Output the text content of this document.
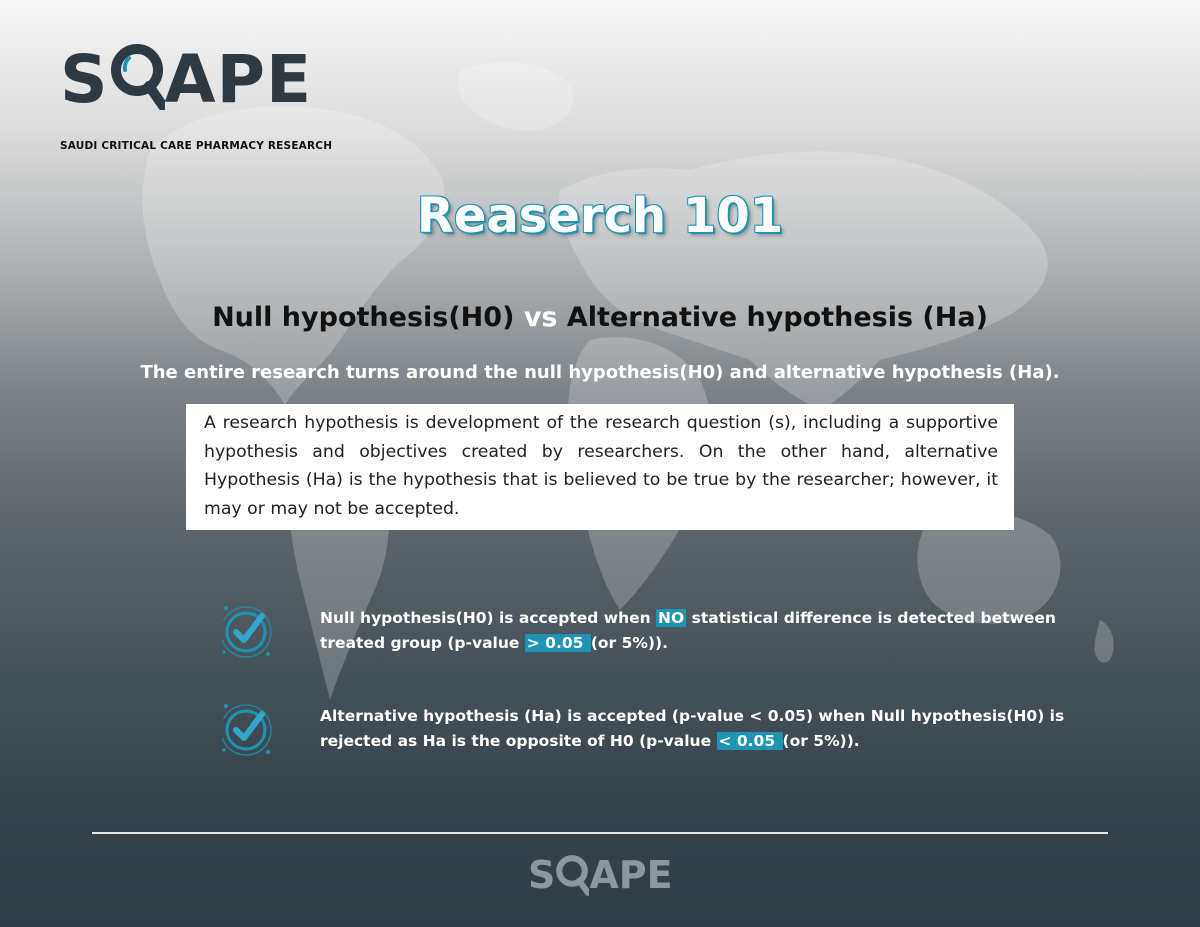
S APE
SAUDI CRITICAL CARE PHARMACY RESEARCH
Reaserch 101
Null hypothesis(H0) vs Alternative hypothesis (Ha)
The entire research turns around the null hypothesis(H0) and alternative hypothesis (Ha).

A research hypothesis is development of the research question (s), including a supportive hypothesis and objectives created by researchers. On the other hand, alternative Hypothesis (Ha) is the hypothesis that is believed to be true by the researcher; however, it may or may not be accepted.

Null hypothesis(H0) is accepted when NO statistical difference is detected between treated group (p-value > 0.05 (or 5%)).
Alternative hypothesis (Ha) is accepted (p-value < 0.05) when Null hypothesis(H0) is rejected as Ha is the opposite of H0 (p-value < 0.05 (or 5%)).
S APE
